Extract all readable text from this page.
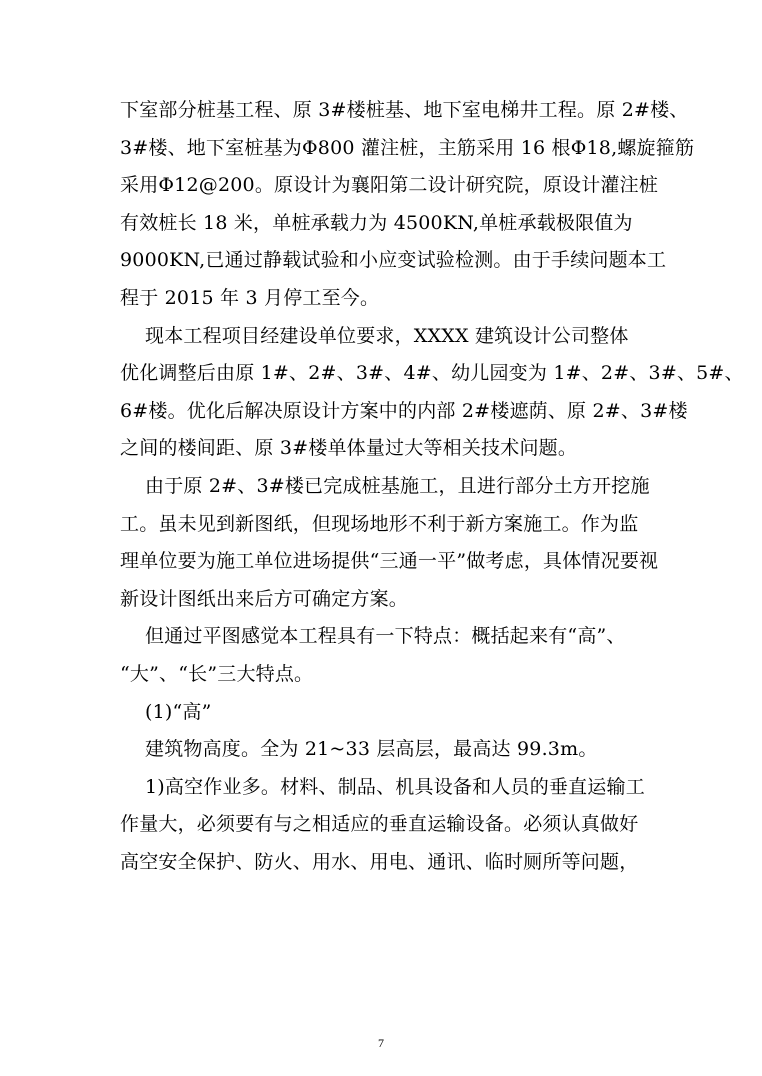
下室部分桩基工程、原 3#楼桩基、地下室电梯井工程。原 2#楼、
3#楼、地下室桩基为Φ800 灌注桩，主筋采用 16 根Φ18,螺旋箍筋
采用Φ12@200。原设计为襄阳第二设计研究院，原设计灌注桩
有效桩长 18 米，单桩承载力为 4500KN,单桩承载极限值为
9000KN,已通过静载试验和小应变试验检测。由于手续问题本工
程于 2015 年 3 月停工至今。
现本工程项目经建设单位要求，XXXX 建筑设计公司整体
优化调整后由原 1#、2#、3#、4#、幼儿园变为 1#、2#、3#、5#、
6#楼。优化后解决原设计方案中的内部 2#楼遮荫、原 2#、3#楼
之间的楼间距、原 3#楼单体量过大等相关技术问题。
由于原 2#、3#楼已完成桩基施工，且进行部分土方开挖施
工。虽未见到新图纸，但现场地形不利于新方案施工。作为监
理单位要为施工单位进场提供“三通一平”做考虑，具体情况要视
新设计图纸出来后方可确定方案。
但通过平图感觉本工程具有一下特点：概括起来有“高”、
“大”、“长”三大特点。
(1)“高”
建筑物高度。全为 21~33 层高层，最高达 99.3m。
1)高空作业多。材料、制品、机具设备和人员的垂直运输工
作量大，必须要有与之相适应的垂直运输设备。必须认真做好
高空安全保护、防火、用水、用电、通讯、临时厕所等问题，
7
